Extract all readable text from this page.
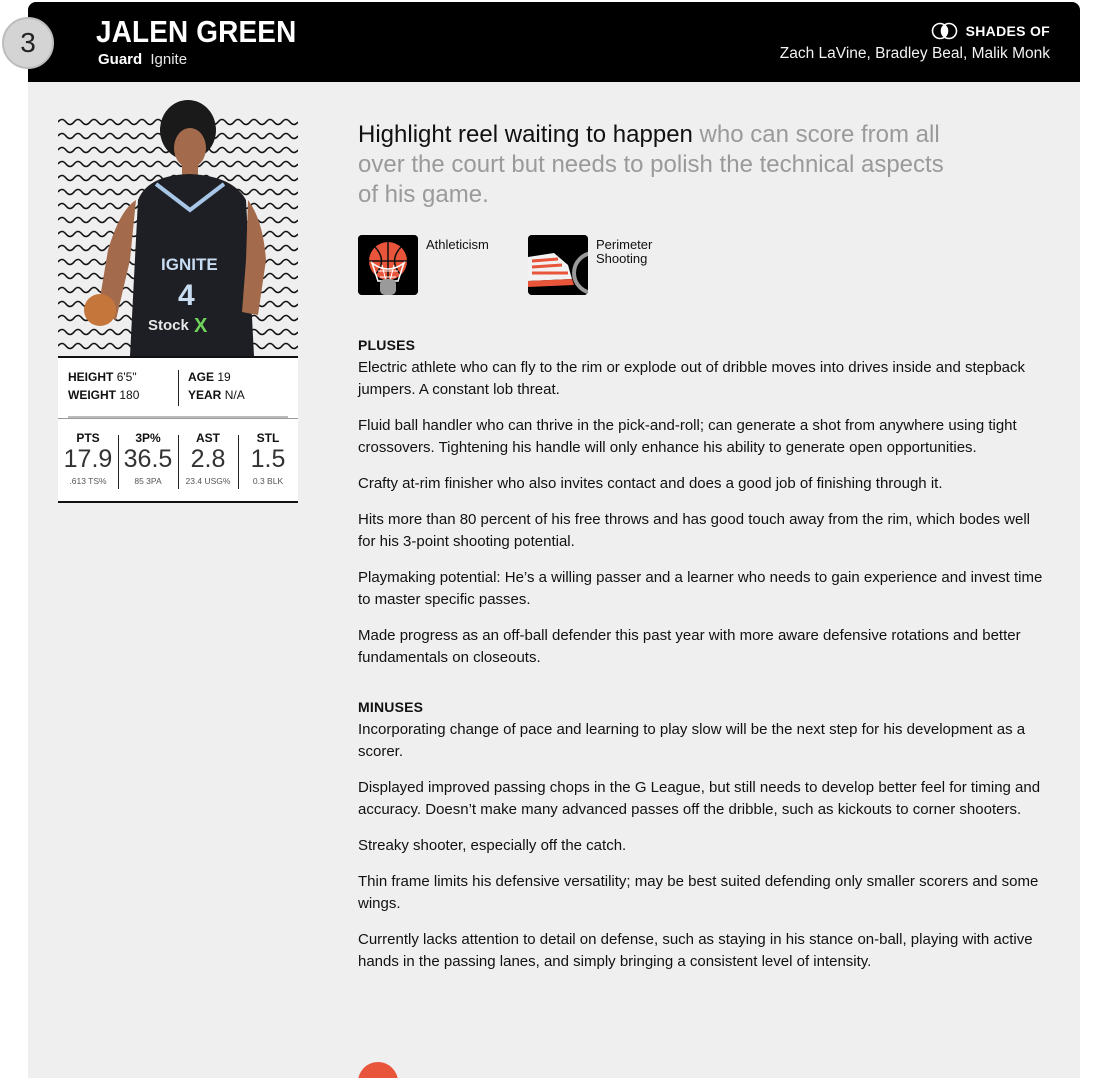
JALEN GREEN
Guard Ignite
SHADES OF
Zach LaVine, Bradley Beal, Malik Monk
IGNITE
4
Stock X
HEIGHT 6'5"
WEIGHT 180
AGE 19
YEAR N/A
PTS
17.9
.613 TS%
3P%
36.5
85 3PA
AST
2.8
23.4 USG%
STL
1.5
0.3 BLK
Highlight reel waiting to happen who can score from all over the court but needs to polish the technical aspects of his game.
Athleticism	Perimeter Shooting
PLUSES
Electric athlete who can fly to the rim or explode out of dribble moves into drives inside and stepback jumpers. A constant lob threat.
Fluid ball handler who can thrive in the pick-and-roll; can generate a shot from anywhere using tight crossovers. Tightening his handle will only enhance his ability to generate open opportunities.
Crafty at-rim finisher who also invites contact and does a good job of finishing through it.
Hits more than 80 percent of his free throws and has good touch away from the rim, which bodes well for his 3-point shooting potential.
Playmaking potential: He’s a willing passer and a learner who needs to gain experience and invest time to master specific passes.
Made progress as an off-ball defender this past year with more aware defensive rotations and better fundamentals on closeouts.
MINUSES
Incorporating change of pace and learning to play slow will be the next step for his development as a scorer.
Displayed improved passing chops in the G League, but still needs to develop better feel for timing and accuracy. Doesn’t make many advanced passes off the dribble, such as kickouts to corner shooters.
Streaky shooter, especially off the catch.
Thin frame limits his defensive versatility; may be best suited defending only smaller scorers and some wings.
Currently lacks attention to detail on defense, such as staying in his stance on-ball, playing with active hands in the passing lanes, and simply bringing a consistent level of intensity.
3
